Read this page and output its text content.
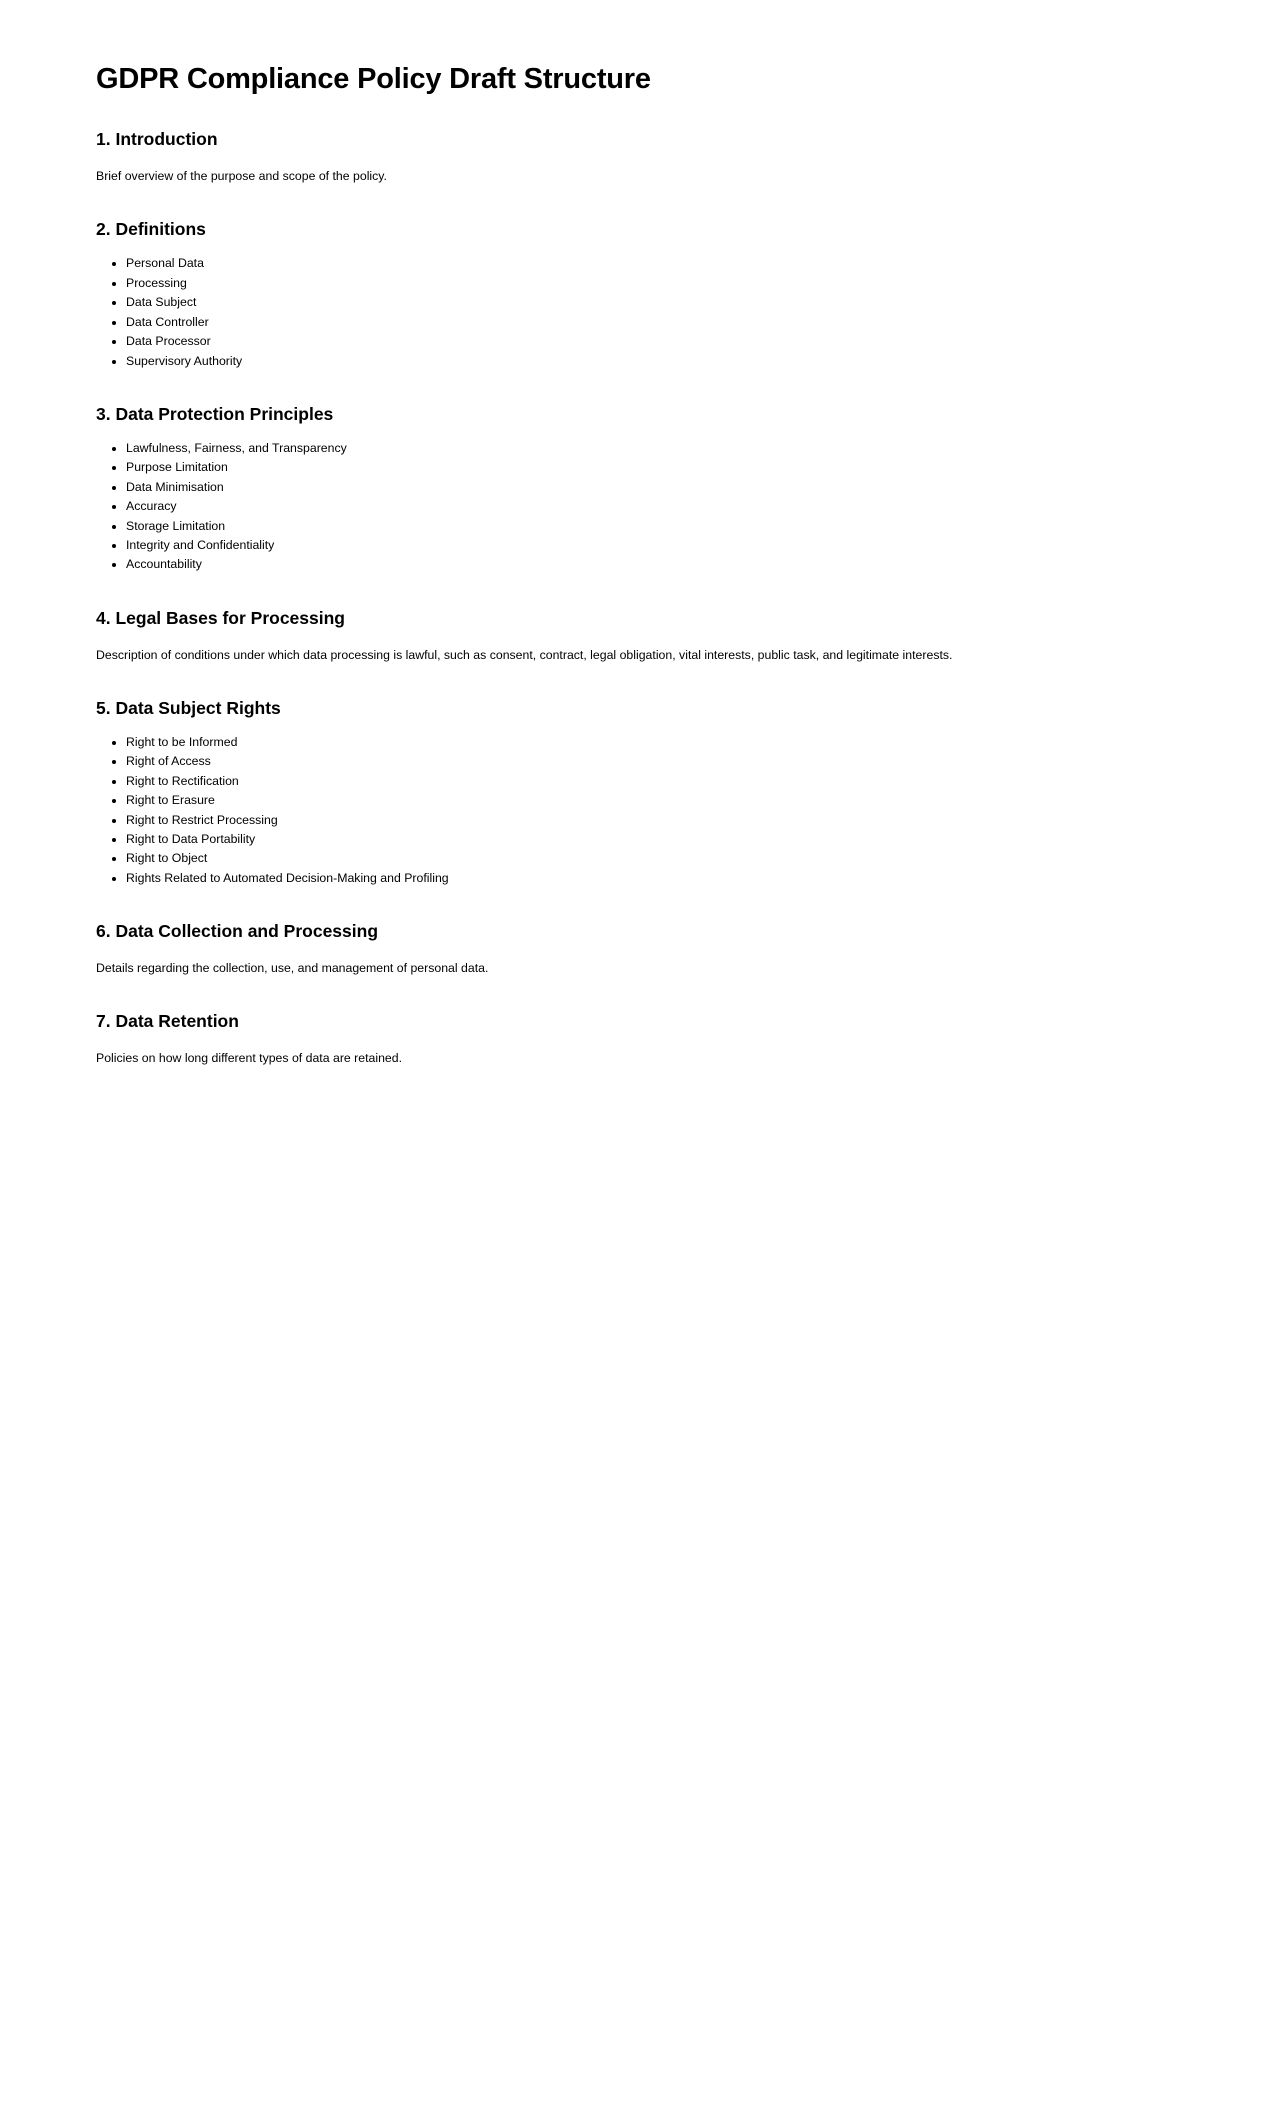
GDPR Compliance Policy Draft Structure
1. Introduction

Brief overview of the purpose and scope of the policy.

2. Definitions
• Personal Data
• Processing
• Data Subject
• Data Controller
• Data Processor
• Supervisory Authority
3. Data Protection Principles
• Lawfulness, Fairness, and Transparency
• Purpose Limitation
• Data Minimisation
• Accuracy
• Storage Limitation
• Integrity and Confidentiality
• Accountability
4. Legal Bases for Processing

Description of conditions under which data processing is lawful, such as consent, contract, legal obligation, vital interests, public task, and legitimate interests.

5. Data Subject Rights
• Right to be Informed
• Right of Access
• Right to Rectification
• Right to Erasure
• Right to Restrict Processing
• Right to Data Portability
• Right to Object
• Rights Related to Automated Decision-Making and Profiling
6. Data Collection and Processing

Details regarding the collection, use, and management of personal data.

7. Data Retention

Policies on how long different types of data are retained.
